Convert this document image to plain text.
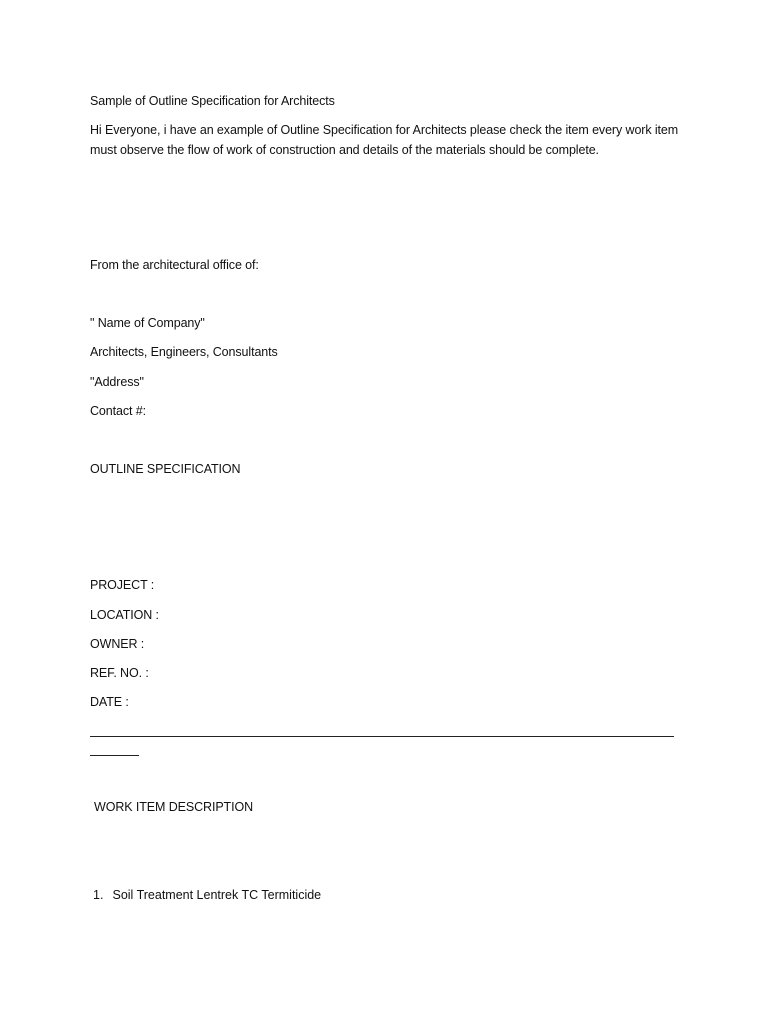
Sample of Outline Specification for Architects
Hi Everyone, i have an example of Outline Specification for Architects please check the item every work item must observe the flow of work of construction and details of the materials should be complete.
From the architectural office of:
" Name of Company"
Architects, Engineers, Consultants
"Address"
Contact #:
OUTLINE SPECIFICATION
PROJECT :
LOCATION :
OWNER :
REF. NO. :
DATE :
WORK ITEM DESCRIPTION
1. Soil Treatment Lentrek TC Termiticide
